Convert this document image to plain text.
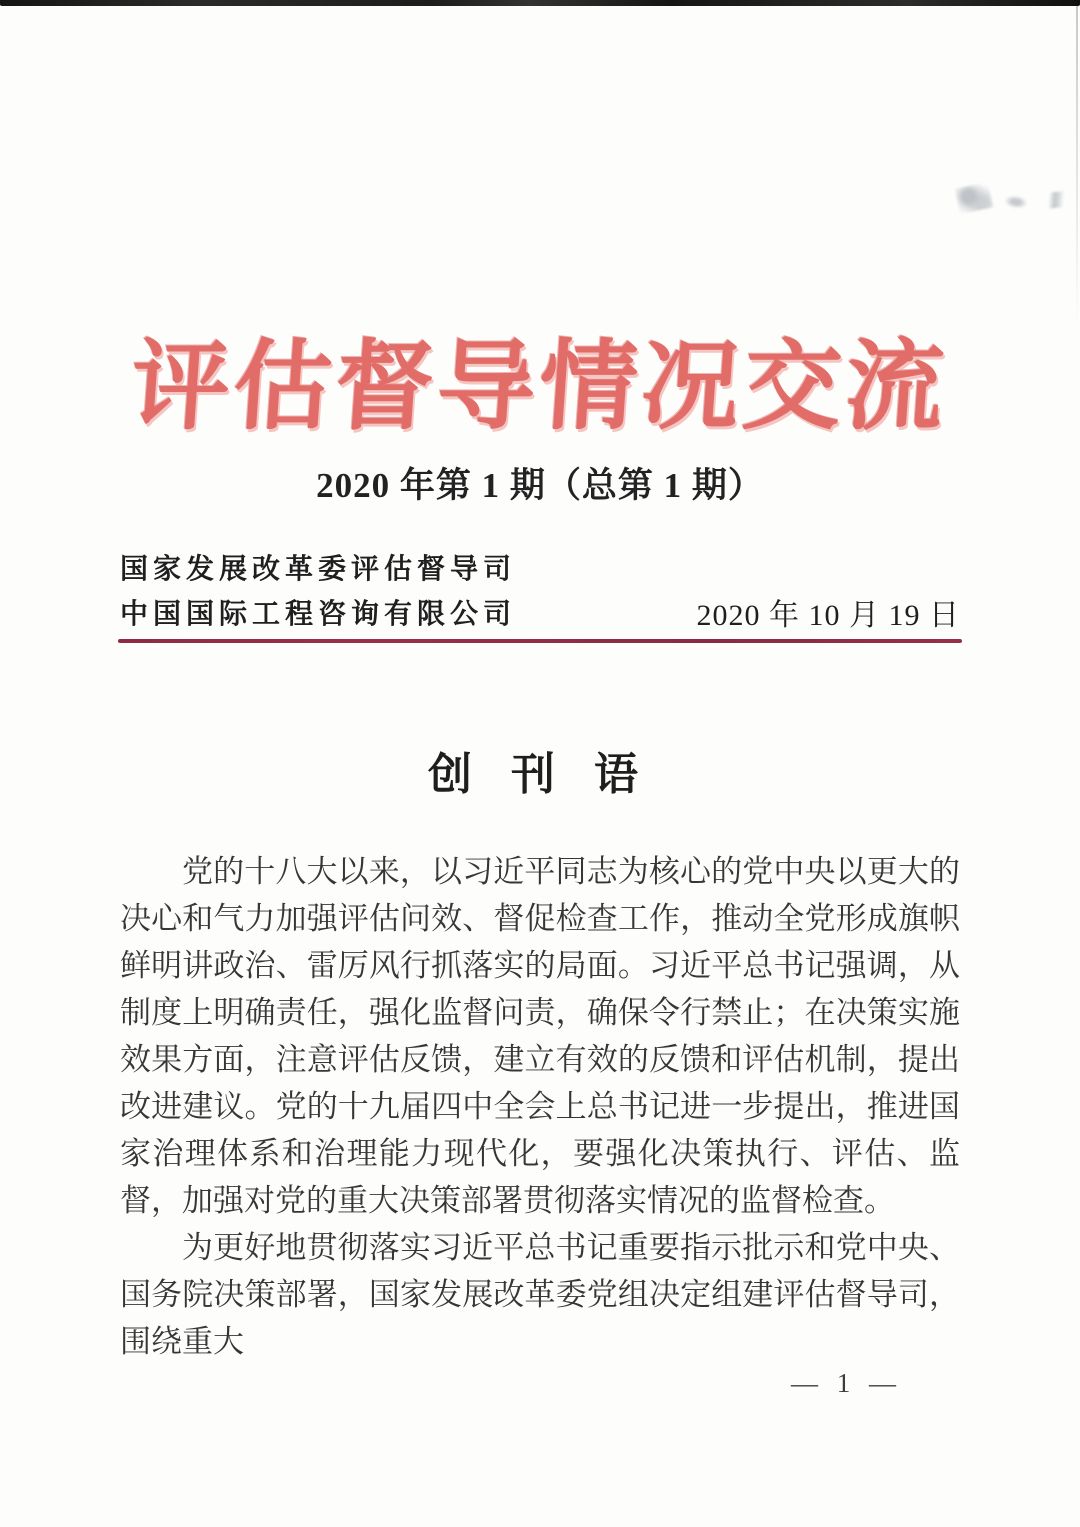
评估督导情况交流
2020 年第 1 期（总第 1 期）
国家发展改革委评估督导司
中国国际工程咨询有限公司	2020 年 10 月 19 日
创 刊 语

党的十八大以来，以习近平同志为核心的党中央以更大的决心和气力加强评估问效、督促检查工作，推动全党形成旗帜鲜明讲政治、雷厉风行抓落实的局面。习近平总书记强调，从制度上明确责任，强化监督问责，确保令行禁止；在决策实施效果方面，注意评估反馈，建立有效的反馈和评估机制，提出改进建议。党的十九届四中全会上总书记进一步提出，推进国家治理体系和治理能力现代化，要强化决策执行、评估、监督，加强对党的重大决策部署贯彻落实情况的监督检查。

为更好地贯彻落实习近平总书记重要指示批示和党中央、国务院决策部署，国家发展改革委党组决定组建评估督导司，围绕重大

— 1 —
